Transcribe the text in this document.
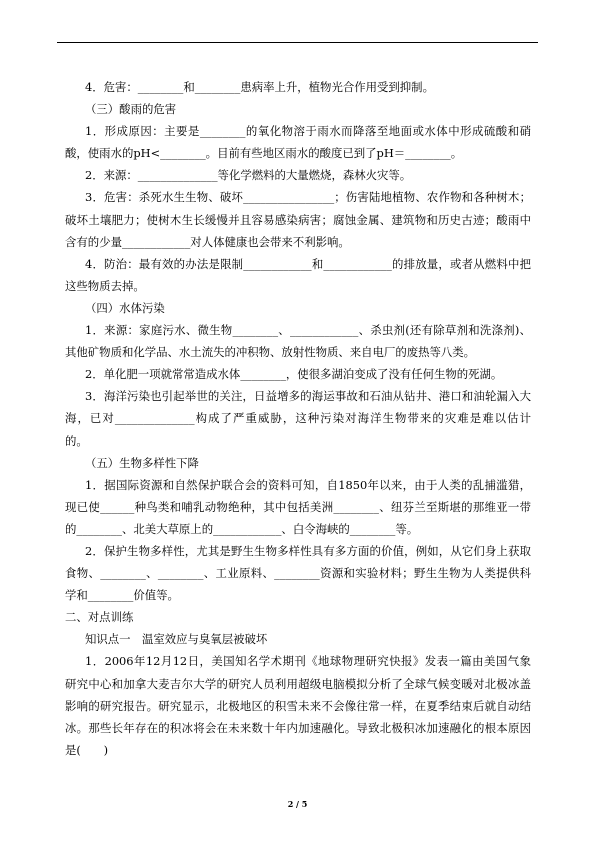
4．危害：________和________患病率上升，植物光合作用受到抑制。
（三）酸雨的危害
1．形成原因：主要是________的氧化物溶于雨水而降落至地面或水体中形成硫酸和硝
酸，使雨水的pH<________。目前有些地区雨水的酸度已到了pH＝________。
2．来源：______________等化学燃料的大量燃烧，森林火灾等。
3．危害：杀死水生生物、破坏________________；伤害陆地植物、农作物和各种树木；
破坏土壤肥力；使树木生长缓慢并且容易感染病害；腐蚀金属、建筑物和历史古迹；酸雨中
含有的少量____________对人体健康也会带来不利影响。
4．防治：最有效的办法是限制____________和____________的排放量，或者从燃料中把
这些物质去掉。
（四）水体污染
1．来源：家庭污水、微生物________、____________、杀虫剂(还有除草剂和洗涤剂)、
其他矿物质和化学品、水土流失的冲积物、放射性物质、来自电厂的废热等八类。
2．单化肥一项就常常造成水体________，使很多湖泊变成了没有任何生物的死湖。
3．海洋污染也引起举世的关注，日益增多的海运事故和石油从钻井、港口和油轮漏入大
海，已对______________构成了严重威胁，这种污染对海洋生物带来的灾难是难以估计
的。
（五）生物多样性下降
1．据国际资源和自然保护联合会的资料可知，自1850年以来，由于人类的乱捕滥猎，
现已使______种鸟类和哺乳动物绝种，其中包括美洲________、纽芬兰至斯堪的那维亚一带
的________、北美大草原上的____________、白令海峡的________等。
2．保护生物多样性，尤其是野生生物多样性具有多方面的价值，例如，从它们身上获取
食物、________、________、工业原料、________资源和实验材料；野生生物为人类提供科
学和________价值等。
二、对点训练
知识点一　温室效应与臭氧层被破坏
1．2006年12月12日，美国知名学术期刊《地球物理研究快报》发表一篇由美国气象
研究中心和加拿大麦吉尔大学的研究人员利用超级电脑模拟分析了全球气候变暖对北极冰盖
影响的研究报告。研究显示，北极地区的积雪未来不会像往常一样，在夏季结束后就自动结
冰。那些长年存在的积冰将会在未来数十年内加速融化。导致北极积冰加速融化的根本原因
是(　　)
2 / 5
